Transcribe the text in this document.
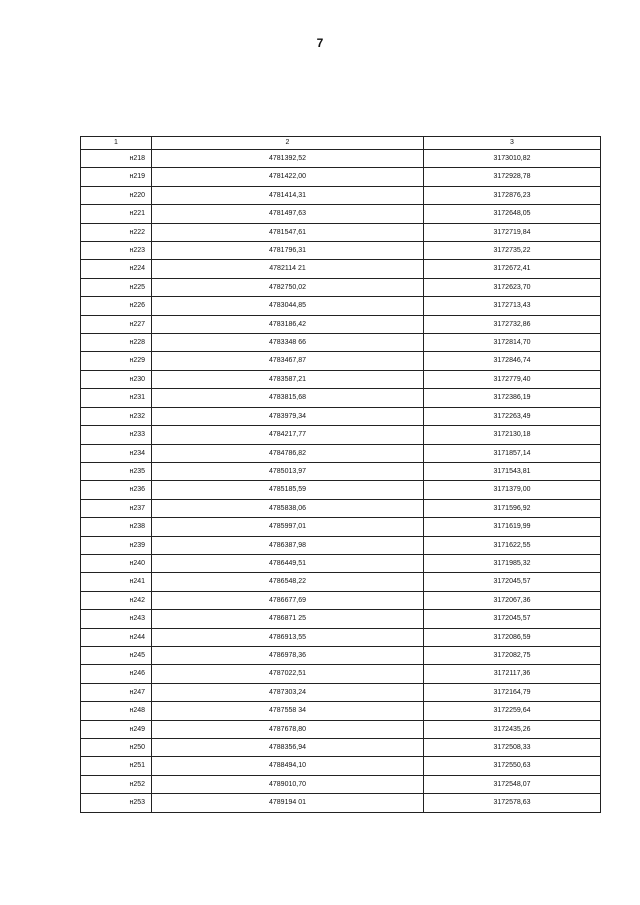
7
1	2	3
н218	4781392,52	3173010,82
н219	4781422,00	3172928,78
н220	4781414,31	3172876,23
н221	4781497,63	3172648,05
н222	4781547,61	3172719,84
н223	4781796,31	3172735,22
н224	4782114 21	3172672,41
н225	4782750,02	3172623,70
н226	4783044,85	3172713,43
н227	4783186,42	3172732,86
н228	4783348 66	3172814,70
н229	4783467,87	3172846,74
н230	4783587,21	3172779,40
н231	4783815,68	3172386,19
н232	4783979,34	3172263,49
н233	4784217,77	3172130,18
н234	4784786,82	3171857,14
н235	4785013,97	3171543,81
н236	4785185,59	3171379,00
н237	4785838,06	3171596,92
н238	4785997,01	3171619,99
н239	4786387,98	3171622,55
н240	4786449,51	3171985,32
н241	4786548,22	3172045,57
н242	4786677,69	3172067,36
н243	4786871 25	3172045,57
н244	4786913,55	3172086,59
н245	4786978,36	3172082,75
н246	4787022,51	3172117,36
н247	4787303,24	3172164,79
н248	4787558 34	3172259,64
н249	4787678,80	3172435,26
н250	4788356,94	3172508,33
н251	4788494,10	3172550,63
н252	4789010,70	3172548,07
н253	4789194 01	3172578,63
